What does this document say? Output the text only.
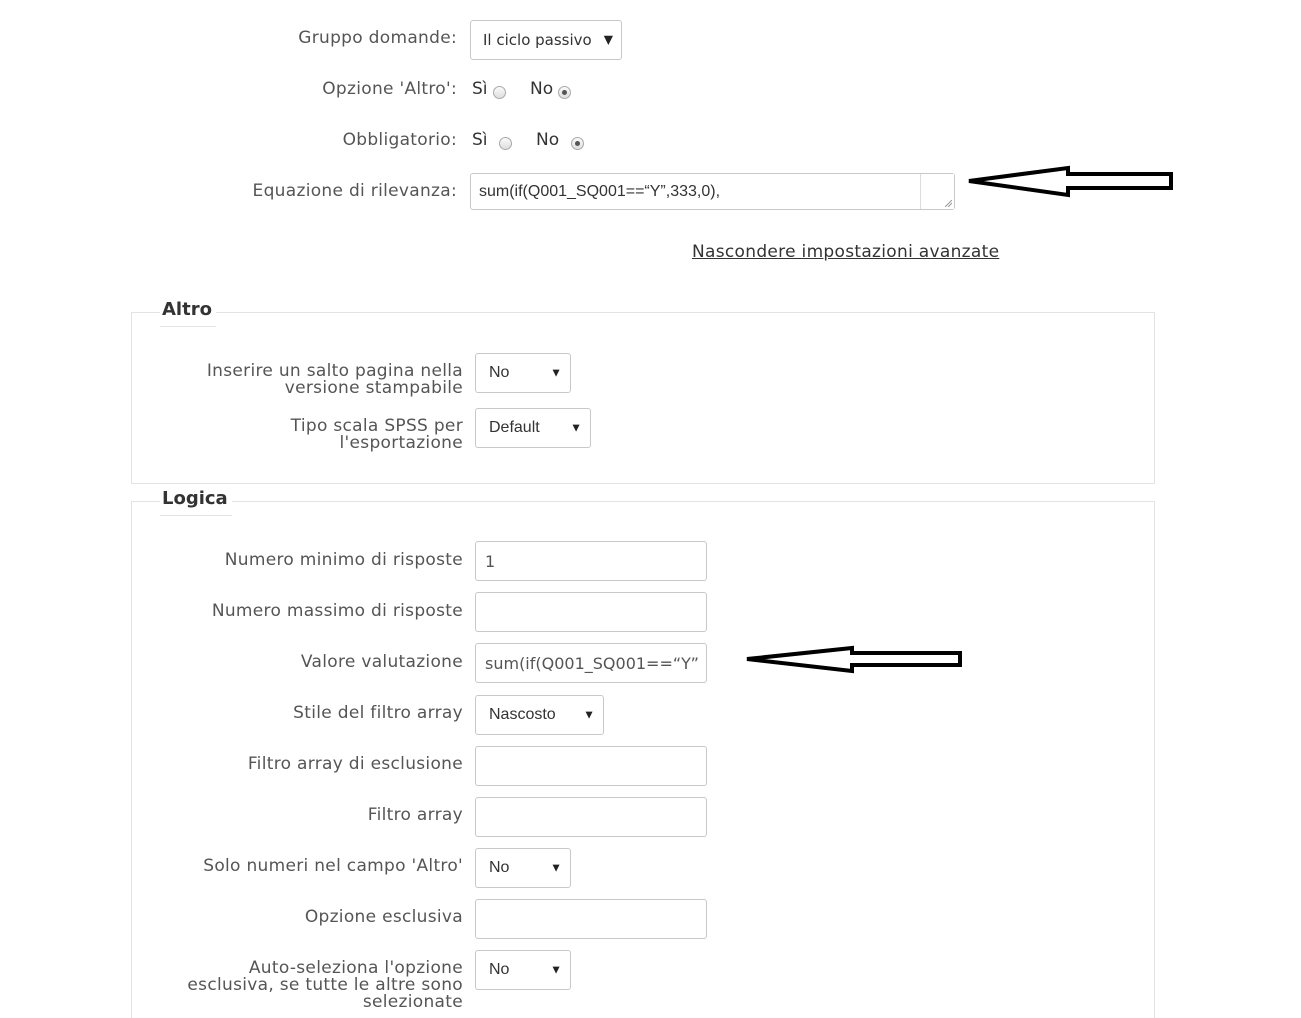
Gruppo domande: Il ciclo passivo ▼
Opzione 'Altro': Sì No
Obbligatorio: Sì	No
Equazione di rilevanza: sum(if(Q001_SQ001==“Y”,333,0),
Nascondere impostazioni avanzate
Altro
Inserire un salto pagina nella
versione stampabile
No	▼
Tipo scala SPSS per
l'esportazione
Default	▼
Logica
Numero minimo di risposte 1
Numero massimo di risposte
Valore valutazione sum(if(Q001_SQ001==“Y”
Stile del filtro array Nascosto ▼
Filtro array di esclusione
Filtro array
Solo numeri nel campo 'Altro' No	▼
Opzione esclusiva
Auto-seleziona l'opzione
esclusiva, se tutte le altre sono
selezionate
No	▼
